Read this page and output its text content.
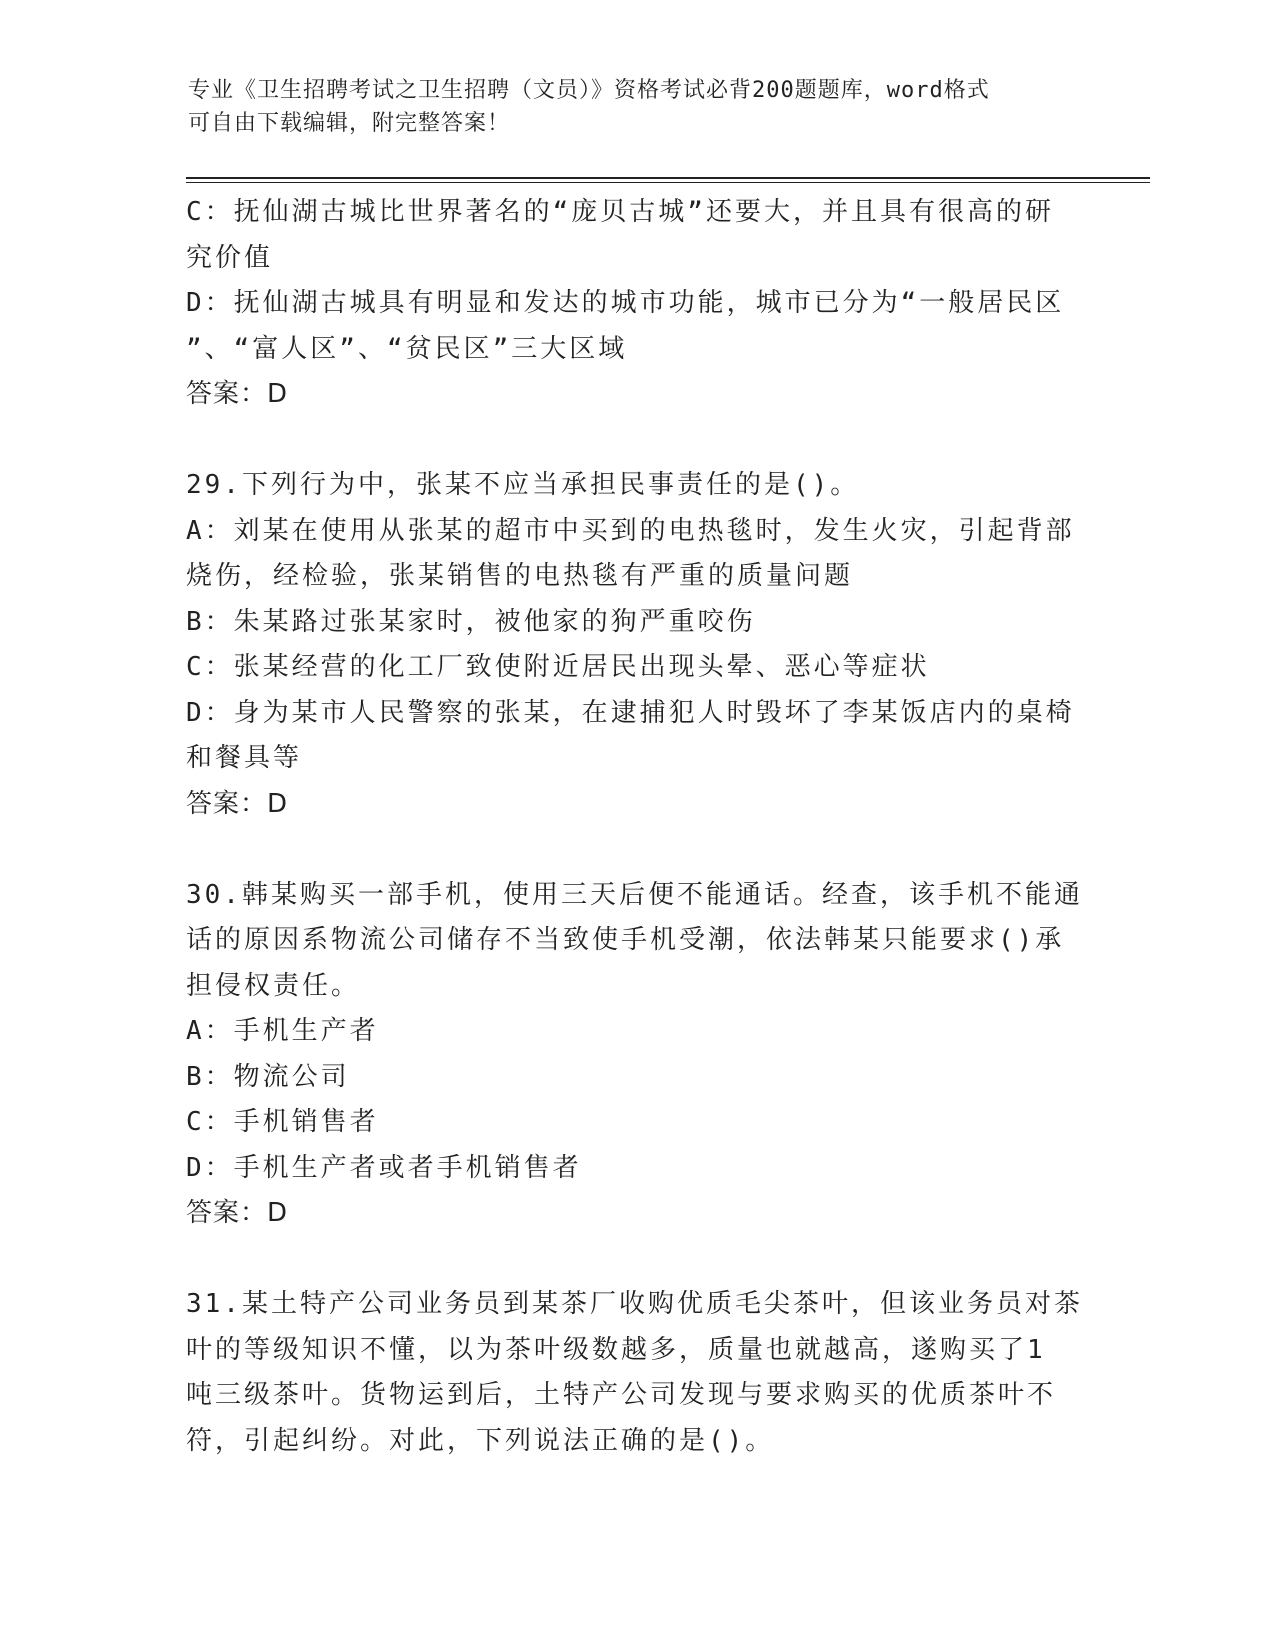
专业《卫生招聘考试之卫生招聘（文员）》资格考试必背200题题库，word格式

可自由下载编辑，附完整答案！

C：抚仙湖古城比世界著名的“庞贝古城”还要大，并且具有很高的研

究价值

D：抚仙湖古城具有明显和发达的城市功能，城市已分为“一般居民区

”、“富人区”、“贫民区”三大区域

答案：D

29.下列行为中，张某不应当承担民事责任的是()。

A：刘某在使用从张某的超市中买到的电热毯时，发生火灾，引起背部

烧伤，经检验，张某销售的电热毯有严重的质量问题

B：朱某路过张某家时，被他家的狗严重咬伤

C：张某经营的化工厂致使附近居民出现头晕、恶心等症状

D：身为某市人民警察的张某，在逮捕犯人时毁坏了李某饭店内的桌椅

和餐具等

答案：D

30.韩某购买一部手机，使用三天后便不能通话。经查，该手机不能通

话的原因系物流公司储存不当致使手机受潮，依法韩某只能要求()承

担侵权责任。

A：手机生产者

B：物流公司

C：手机销售者

D：手机生产者或者手机销售者

答案：D

31.某土特产公司业务员到某茶厂收购优质毛尖茶叶，但该业务员对茶

叶的等级知识不懂，以为茶叶级数越多，质量也就越高，遂购买了1

吨三级茶叶。货物运到后，土特产公司发现与要求购买的优质茶叶不

符，引起纠纷。对此，下列说法正确的是()。
